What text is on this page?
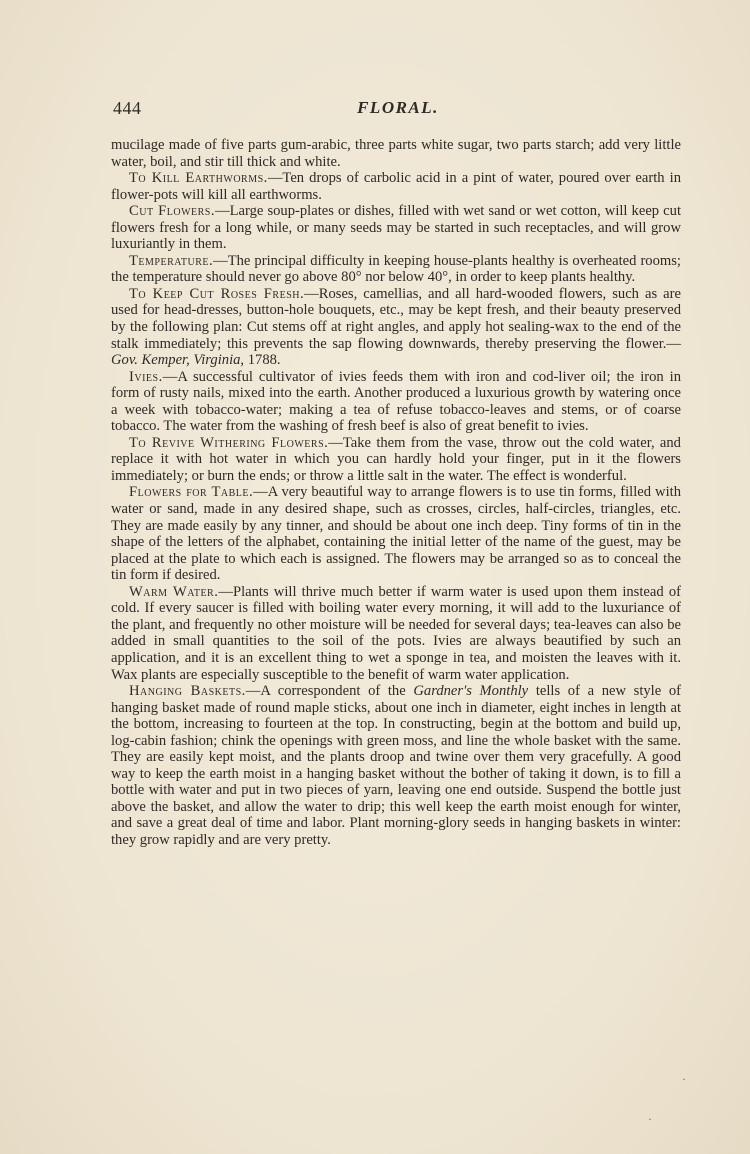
444	FLORAL.

mucilage made of five parts gum-arabic, three parts white sugar, two parts starch; add very little water, boil, and stir till thick and white.

To Kill Earthworms.—Ten drops of carbolic acid in a pint of water, poured over earth in flower-pots will kill all earthworms.

Cut Flowers.—Large soup-plates or dishes, filled with wet sand or wet cotton, will keep cut flowers fresh for a long while, or many seeds may be started in such receptacles, and will grow luxuriantly in them.

Temperature.—The principal difficulty in keeping house-plants healthy is overheated rooms; the temperature should never go above 80° nor below 40°, in order to keep plants healthy.

To Keep Cut Roses Fresh.—Roses, camellias, and all hard-wooded flowers, such as are used for head-dresses, button-hole bouquets, etc., may be kept fresh, and their beauty preserved by the following plan: Cut stems off at right angles, and apply hot sealing-wax to the end of the stalk immediately; this prevents the sap flowing downwards, thereby preserving the flower.—Gov. Kemper, Virginia, 1788.

Ivies.—A successful cultivator of ivies feeds them with iron and cod-liver oil; the iron in form of rusty nails, mixed into the earth. Another produced a luxurious growth by watering once a week with tobacco-water; making a tea of refuse tobacco-leaves and stems, or of coarse tobacco. The water from the washing of fresh beef is also of great benefit to ivies.

To Revive Withering Flowers.—Take them from the vase, throw out the cold water, and replace it with hot water in which you can hardly hold your finger, put in it the flowers immediately; or burn the ends; or throw a little salt in the water. The effect is wonderful.

Flowers for Table.—A very beautiful way to arrange flowers is to use tin forms, filled with water or sand, made in any desired shape, such as crosses, circles, half-circles, triangles, etc. They are made easily by any tinner, and should be about one inch deep. Tiny forms of tin in the shape of the letters of the alphabet, containing the initial letter of the name of the guest, may be placed at the plate to which each is assigned. The flowers may be arranged so as to conceal the tin form if desired.

Warm Water.—Plants will thrive much better if warm water is used upon them instead of cold. If every saucer is filled with boiling water every morning, it will add to the luxuriance of the plant, and frequently no other moisture will be needed for several days; tea-leaves can also be added in small quantities to the soil of the pots. Ivies are always beautified by such an application, and it is an excellent thing to wet a sponge in tea, and moisten the leaves with it. Wax plants are especially susceptible to the benefit of warm water application.

Hanging Baskets.—A correspondent of the Gardner's Monthly tells of a new style of hanging basket made of round maple sticks, about one inch in diameter, eight inches in length at the bottom, increasing to fourteen at the top. In constructing, begin at the bottom and build up, log-cabin fashion; chink the openings with green moss, and line the whole basket with the same. They are easily kept moist, and the plants droop and twine over them very gracefully. A good way to keep the earth moist in a hanging basket without the bother of taking it down, is to fill a bottle with water and put in two pieces of yarn, leaving one end outside. Suspend the bottle just above the basket, and allow the water to drip; this well keep the earth moist enough for winter, and save a great deal of time and labor. Plant morning-glory seeds in hanging baskets in winter: they grow rapidly and are very pretty.

·
·
